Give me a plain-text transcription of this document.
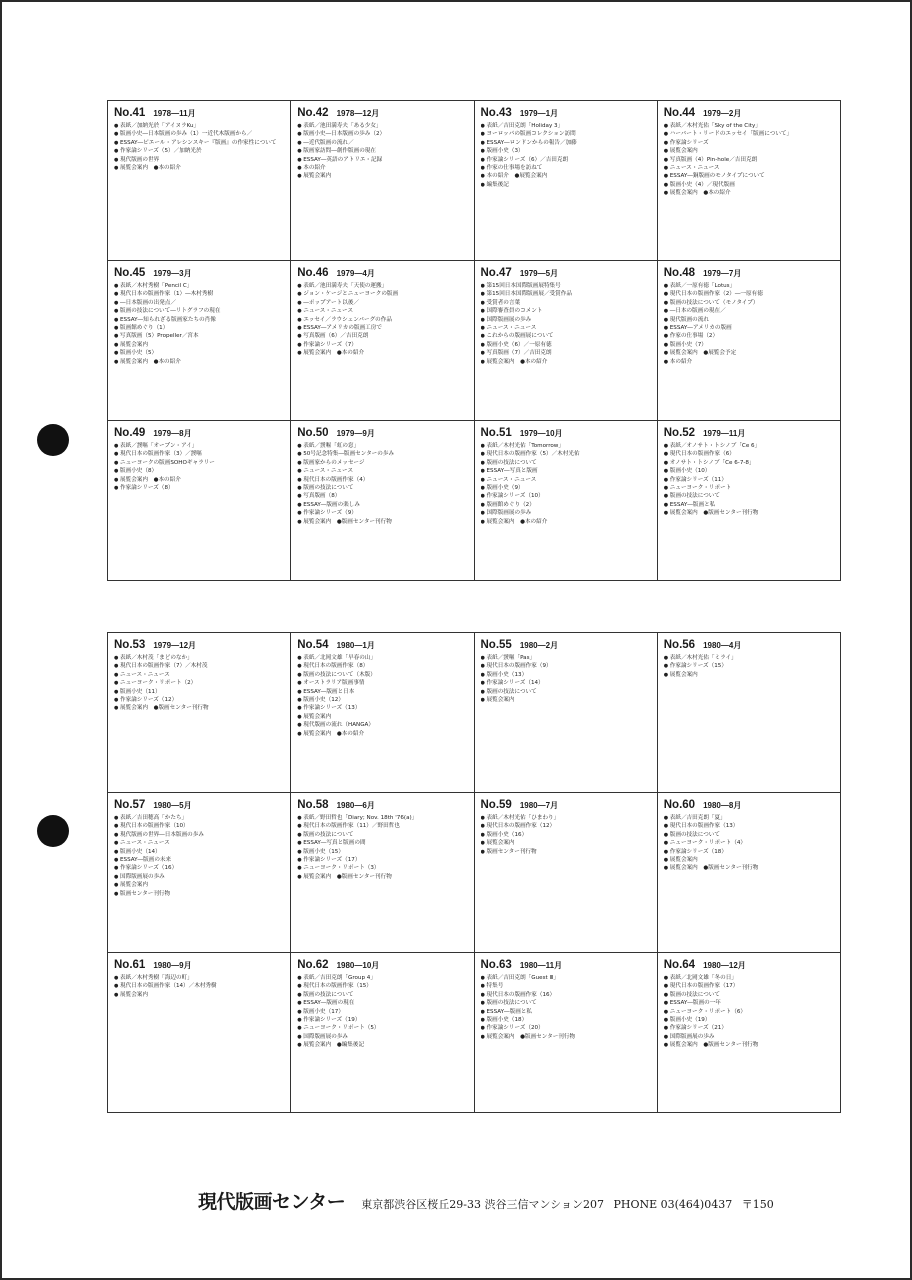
No.41 1978―11月
● 表紙／加納光於「アイヌラKu」
● 版画小史―日本版画の歩み（1）一近代木版画から／
● ESSAY―ピエール・アレシンスキー『版画』の作家性について
● 作家論シリーズ（5）／加納光於
● 現代版画の世界
● 展覧会案内　●本の紹介
No.42 1978―12月
● 表紙／池田満寿夫「ある少女」
● 版画小史―日本版画の歩み（2）
● ―近代版画の流れ／
● 版画家訪問―創作版画の現在
● ESSAY―英語のアトリエ・記録
● 本の紹介
● 展覧会案内
No.43 1979―1月
● 表紙／吉田克朗「Holiday 3」
● ヨーロッパの版画コレクション訪問
● ESSAY―ロンドンからの報告／加藤
● 版画小史（3）
● 作家論シリーズ（6）／吉田克朗
● 作家の仕事場を訪ねて
● 本の紹介　●展覧会案内
● 編集後記
No.44 1979―2月
● 表紙／木村光佑「Sky of the City」
● ハーバート・リードのエッセイ「版画について」
● 作家論シリーズ
● 展覧会案内
● 写真版画（4）Pin-hole／吉田克朗
● ニュース・ニュース
● ESSAY―銅版画のモノタイプについて
● 版画小史（4）／現代版画
● 展覧会案内　●本の紹介
No.45 1979―3月
● 表紙／木村秀樹「Pencil C」
● 現代日本の版画作家（1）―木村秀樹
● ―日本版画の出発点／
● 版画の技法について―リトグラフの現在
● ESSAY―知られざる版画家たちの肖像
● 版画館めぐり（1）
● 写真版画（5）Propeller／宮本
● 展覧会案内
● 版画小史（5）
● 展覧会案内　●本の紹介
No.46 1979―4月
● 表紙／池田満寿夫「天使の運搬」
● ジョン・ケージとニューヨークの版画
● ―ポップアート以後／
● ニュース・ニュース
● エッセイ／ラウシェンバーグの作品
● ESSAY―アメリカの版画工房で
● 写真版画（6）／吉田克朗
● 作家論シリーズ（7）
● 展覧会案内　●本の紹介
No.47 1979―5月
● 第15回日本国際版画展特集号
● 第15回日本国際版画展／受賞作品
● 受賞者の言葉
● 国際審査員のコメント
● 国際版画展の歩み
● ニュース・ニュース
● これからの版画展について
● 版画小史（6）／一原有徳
● 写真版画（7）／吉田克朗
● 展覧会案内　●本の紹介
No.48 1979―7月
● 表紙／一原有徳「Lotus」
● 現代日本の版画作家（2）―一原有徳
● 版画の技法について（モノタイプ）
● ―日本の版画の現在／
● 現代版画の流れ
● ESSAY―アメリカの版画
● 作家の仕事場（2）
● 版画小史（7）
● 展覧会案内　●展覧会予定
● 本の紹介
No.49 1979―8月
● 表紙／靉嘔「オープン・アイ」
● 現代日本の版画作家（3）／靉嘔
● ニューヨークの版画SOHOギャラリー
● 版画小史（8）
● 展覧会案内　●本の紹介
● 作家論シリーズ（8）
No.50 1979―9月
● 表紙／靉嘔「虹の窓」
● 50号記念特集―版画センターの歩み
● 版画家からのメッセージ
● ニュース・ニュース
● 現代日本の版画作家（4）
● 版画の技法について
● 写真版画（8）
● ESSAY―版画の楽しみ
● 作家論シリーズ（9）
● 展覧会案内　●版画センター刊行物
No.51 1979―10月
● 表紙／木村光佑「Tomorrow」
● 現代日本の版画作家（5）／木村光佑
● 版画の技法について
● ESSAY―写真と版画
● ニュース・ニュース
● 版画小史（9）
● 作家論シリーズ（10）
● 版画館めぐり（2）
● 国際版画展の歩み
● 展覧会案内　●本の紹介
No.52 1979―11月
● 表紙／オノサト・トシノブ「Ce 6」
● 現代日本の版画作家（6）
● オノサト・トシノブ「Ce 6-7-8」
● 版画小史（10）
● 作家論シリーズ（11）
● ニューヨーク・リポート
● 版画の技法について
● ESSAY―版画と私
● 展覧会案内　●版画センター刊行物
No.53 1979―12月
● 表紙／木村茂「まどのなか」
● 現代日本の版画作家（7）／木村茂
● ニュース・ニュース
● ニューヨーク・リポート（2）
● 版画小史（11）
● 作家論シリーズ（12）
● 展覧会案内　●版画センター刊行物
No.54 1980―1月
● 表紙／北岡文雄「早春の山」
● 現代日本の版画作家（8）
● 版画の技法について（木版）
● オーストラリア版画事情
● ESSAY―版画と日本
● 版画小史（12）
● 作家論シリーズ（13）
● 展覧会案内
● 現代版画の流れ（HANGA）
● 展覧会案内　●本の紹介
No.55 1980―2月
● 表紙／靉嘔「Pas」
● 現代日本の版画作家（9）
● 版画小史（13）
● 作家論シリーズ（14）
● 版画の技法について
● 展覧会案内
No.56 1980―4月
● 表紙／木村光佑「ミライ」
● 作家論シリーズ（15）
● 展覧会案内
No.57 1980―5月
● 表紙／吉田穂高「かたち」
● 現代日本の版画作家（10）
● 現代版画の世界―日本版画の歩み
● ニュース・ニュース
● 版画小史（14）
● ESSAY―版画の未来
● 作家論シリーズ（16）
● 国際版画展の歩み
● 展覧会案内
● 版画センター刊行物
No.58 1980―6月
● 表紙／野田哲也「Diary; Nov. 18th '76(a)」
● 現代日本の版画作家（11）／野田哲也
● 版画の技法について
● ESSAY―写真と版画の間
● 版画小史（15）
● 作家論シリーズ（17）
● ニューヨーク・リポート（3）
● 展覧会案内　●版画センター刊行物
No.59 1980―7月
● 表紙／木村光佑「ひまわり」
● 現代日本の版画作家（12）
● 版画小史（16）
● 展覧会案内
● 版画センター刊行物
No.60 1980―8月
● 表紙／吉田克朗「夏」
● 現代日本の版画作家（13）
● 版画の技法について
● ニューヨーク・リポート（4）
● 作家論シリーズ（18）
● 展覧会案内
● 展覧会案内　●版画センター刊行物
No.61 1980―9月
● 表紙／木村秀樹「海辺の町」
● 現代日本の版画作家（14）／木村秀樹
● 展覧会案内
No.62 1980―10月
● 表紙／吉田克朗「Group 4」
● 現代日本の版画作家（15）
● 版画の技法について
● ESSAY―版画の現在
● 版画小史（17）
● 作家論シリーズ（19）
● ニューヨーク・リポート（5）
● 国際版画展の歩み
● 展覧会案内　●編集後記
No.63 1980―11月
● 表紙／吉田克朗「Guest Ⅲ」
● 特集号
● 現代日本の版画作家（16）
● 版画の技法について
● ESSAY―版画と私
● 版画小史（18）
● 作家論シリーズ（20）
● 展覧会案内　●版画センター刊行物
No.64 1980―12月
● 表紙／北岡文雄「冬の日」
● 現代日本の版画作家（17）
● 版画の技法について
● ESSAY―版画の一年
● ニューヨーク・リポート（6）
● 版画小史（19）
● 作家論シリーズ（21）
● 国際版画展の歩み
● 展覧会案内　●版画センター刊行物
現代版画センター 東京都渋谷区桜丘29-33 渋谷三信マンション207 PHONE 03(464)0437 〒150
